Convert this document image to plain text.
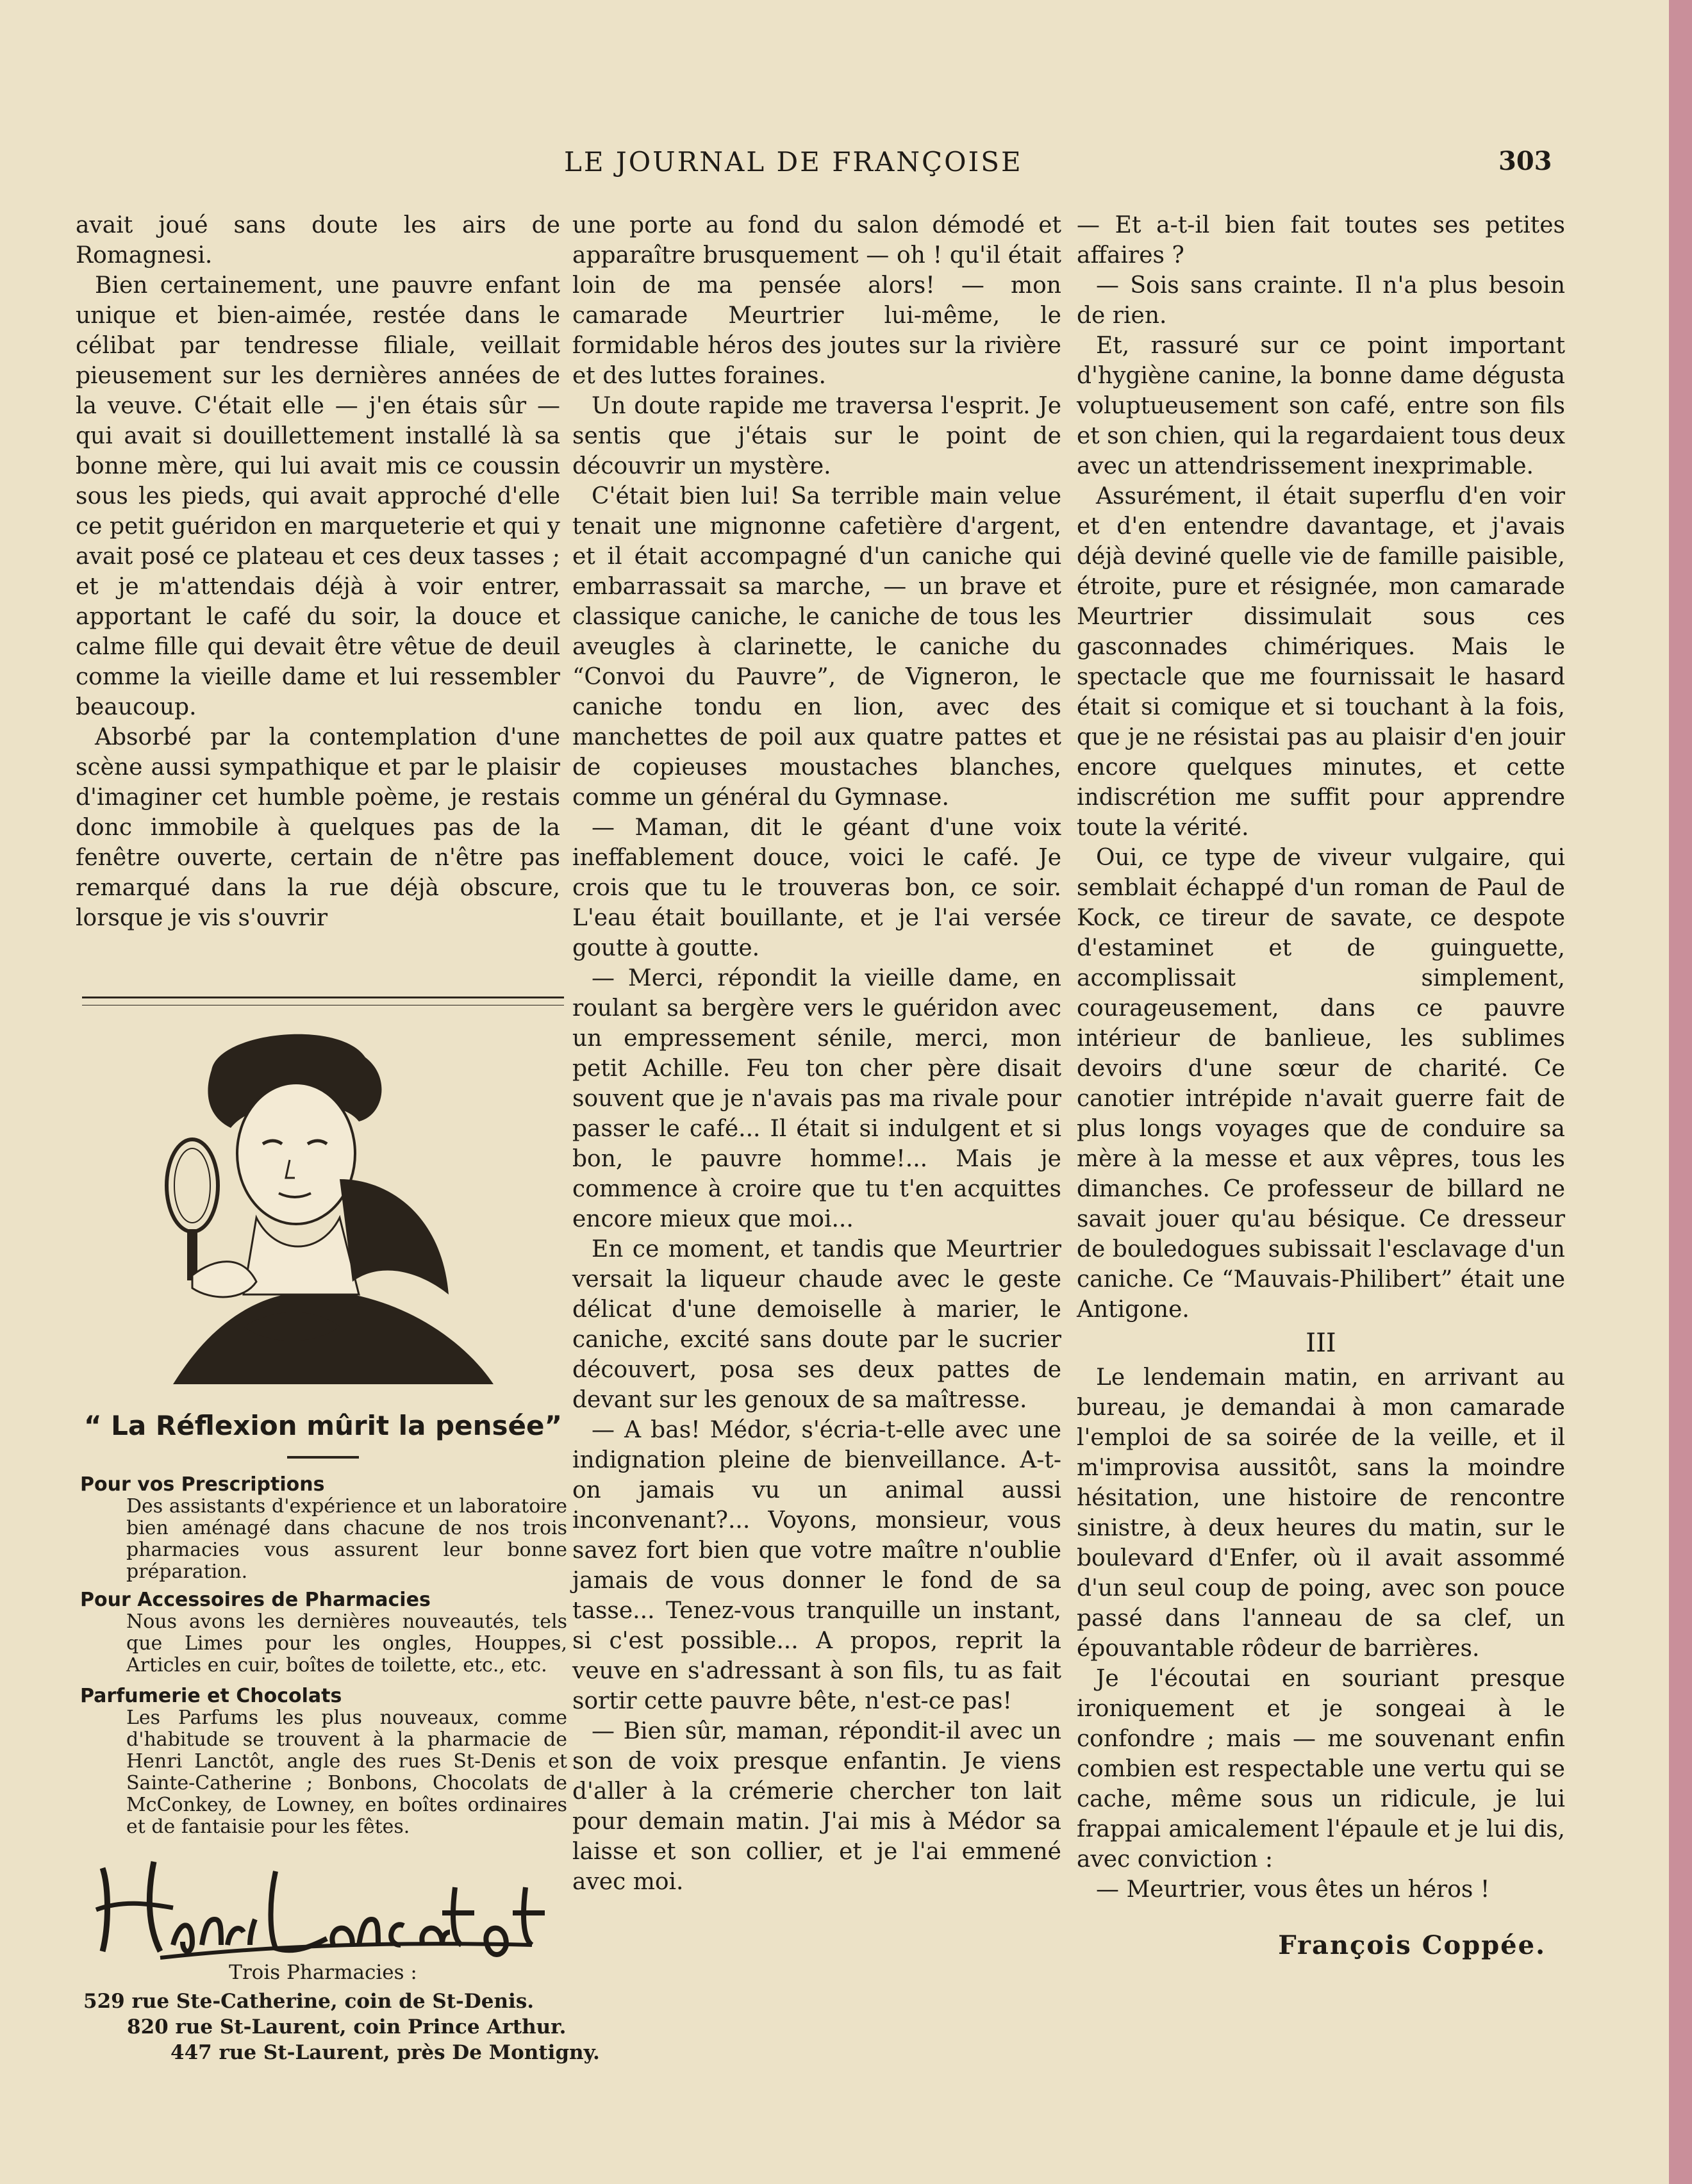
LE JOURNAL DE FRANÇOISE	303

avait joué sans doute les airs de Romagnesi.

Bien certainement, une pauvre enfant unique et bien-aimée, restée dans le célibat par tendresse filiale, veillait pieusement sur les dernières années de la veuve. C'était elle — j'en étais sûr — qui avait si douillettement installé là sa bonne mère, qui lui avait mis ce coussin sous les pieds, qui avait approché d'elle ce petit guéridon en marqueterie et qui y avait posé ce plateau et ces deux tasses ; et je m'attendais déjà à voir entrer, apportant le café du soir, la douce et calme fille qui devait être vêtue de deuil comme la vieille dame et lui ressembler beaucoup.

Absorbé par la contemplation d'une scène aussi sympathique et par le plaisir d'imaginer cet humble poème, je restais donc immobile à quelques pas de la fenêtre ouverte, certain de n'être pas remarqué dans la rue déjà obscure, lorsque je vis s'ouvrir

une porte au fond du salon démodé et apparaître brusquement — oh ! qu'il était loin de ma pensée alors! — mon camarade Meurtrier lui-même, le formidable héros des joutes sur la rivière et des luttes foraines.

Un doute rapide me traversa l'esprit. Je sentis que j'étais sur le point de découvrir un mystère.

C'était bien lui! Sa terrible main velue tenait une mignonne cafetière d'argent, et il était accompagné d'un caniche qui embarrassait sa marche, — un brave et classique caniche, le caniche de tous les aveugles à clarinette, le caniche du “Convoi du Pauvre”, de Vigneron, le caniche tondu en lion, avec des manchettes de poil aux quatre pattes et de copieuses moustaches blanches, comme un général du Gymnase.

— Maman, dit le géant d'une voix ineffablement douce, voici le café. Je crois que tu le trouveras bon, ce soir. L'eau était bouillante, et je l'ai versée goutte à goutte.

— Merci, répondit la vieille dame, en roulant sa bergère vers le guéridon avec un empressement sénile, merci, mon petit Achille. Feu ton cher père disait souvent que je n'avais pas ma rivale pour passer le café... Il était si indulgent et si bon, le pauvre homme!... Mais je commence à croire que tu t'en acquittes encore mieux que moi...

En ce moment, et tandis que Meurtrier versait la liqueur chaude avec le geste délicat d'une demoiselle à marier, le caniche, excité sans doute par le sucrier découvert, posa ses deux pattes de devant sur les genoux de sa maîtresse.

— A bas! Médor, s'écria-t-elle avec une indignation pleine de bienveillance. A-t-on jamais vu un animal aussi inconvenant?... Voyons, monsieur, vous savez fort bien que votre maître n'oublie jamais de vous donner le fond de sa tasse... Tenez-vous tranquille un instant, si c'est possible... A propos, reprit la veuve en s'adressant à son fils, tu as fait sortir cette pauvre bête, n'est-ce pas!

— Bien sûr, maman, répondit-il avec un son de voix presque enfantin. Je viens d'aller à la crémerie chercher ton lait pour demain matin. J'ai mis à Médor sa laisse et son collier, et je l'ai emmené avec moi.

— Et a-t-il bien fait toutes ses petites affaires ?

— Sois sans crainte. Il n'a plus besoin de rien.

Et, rassuré sur ce point important d'hygiène canine, la bonne dame dégusta voluptueusement son café, entre son fils et son chien, qui la regardaient tous deux avec un attendrissement inexprimable.

Assurément, il était superflu d'en voir et d'en entendre davantage, et j'avais déjà deviné quelle vie de famille paisible, étroite, pure et résignée, mon camarade Meurtrier dissimulait sous ces gasconnades chimériques. Mais le spectacle que me fournissait le hasard était si comique et si touchant à la fois, que je ne résistai pas au plaisir d'en jouir encore quelques minutes, et cette indiscrétion me suffit pour apprendre toute la vérité.

Oui, ce type de viveur vulgaire, qui semblait échappé d'un roman de Paul de Kock, ce tireur de savate, ce despote d'estaminet et de guinguette, accomplissait simplement, courageusement, dans ce pauvre intérieur de banlieue, les sublimes devoirs d'une sœur de charité. Ce canotier intrépide n'avait guerre fait de plus longs voyages que de conduire sa mère à la messe et aux vêpres, tous les dimanches. Ce professeur de billard ne savait jouer qu'au bésique. Ce dresseur de bouledogues subissait l'esclavage d'un caniche. Ce “Mauvais-Philibert” était une Antigone.

III

Le lendemain matin, en arrivant au bureau, je demandai à mon camarade l'emploi de sa soirée de la veille, et il m'improvisa aussitôt, sans la moindre hésitation, une histoire de rencontre sinistre, à deux heures du matin, sur le boulevard d'Enfer, où il avait assommé d'un seul coup de poing, avec son pouce passé dans l'anneau de sa clef, un épouvantable rôdeur de barrières.

Je l'écoutai en souriant presque ironiquement et je songeai à le confondre ; mais — me souvenant enfin combien est respectable une vertu qui se cache, même sous un ridicule, je lui frappai amicalement l'épaule et je lui dis, avec conviction :

— Meurtrier, vous êtes un héros !

François Coppée.

“ La Réflexion mûrit la pensée”
Pour vos Prescriptions
Des assistants d'expérience et un laboratoire bien aménagé dans chacune de nos trois pharmacies vous assurent leur bonne préparation.
Pour Accessoires de Pharmacies
Nous avons les dernières nouveautés, tels que Limes pour les ongles, Houppes, Articles en cuir, boîtes de toilette, etc., etc.
Parfumerie et Chocolats
Les Parfums les plus nouveaux, comme d'habitude se trouvent à la pharmacie de Henri Lanctôt, angle des rues St-Denis et Sainte-Catherine ; Bonbons, Chocolats de McConkey, de Lowney, en boîtes ordinaires et de fantaisie pour les fêtes.
Trois Pharmacies :
529 rue Ste-Catherine, coin de St-Denis.
820 rue St-Laurent, coin Prince Arthur.
447 rue St-Laurent, près De Montigny.
